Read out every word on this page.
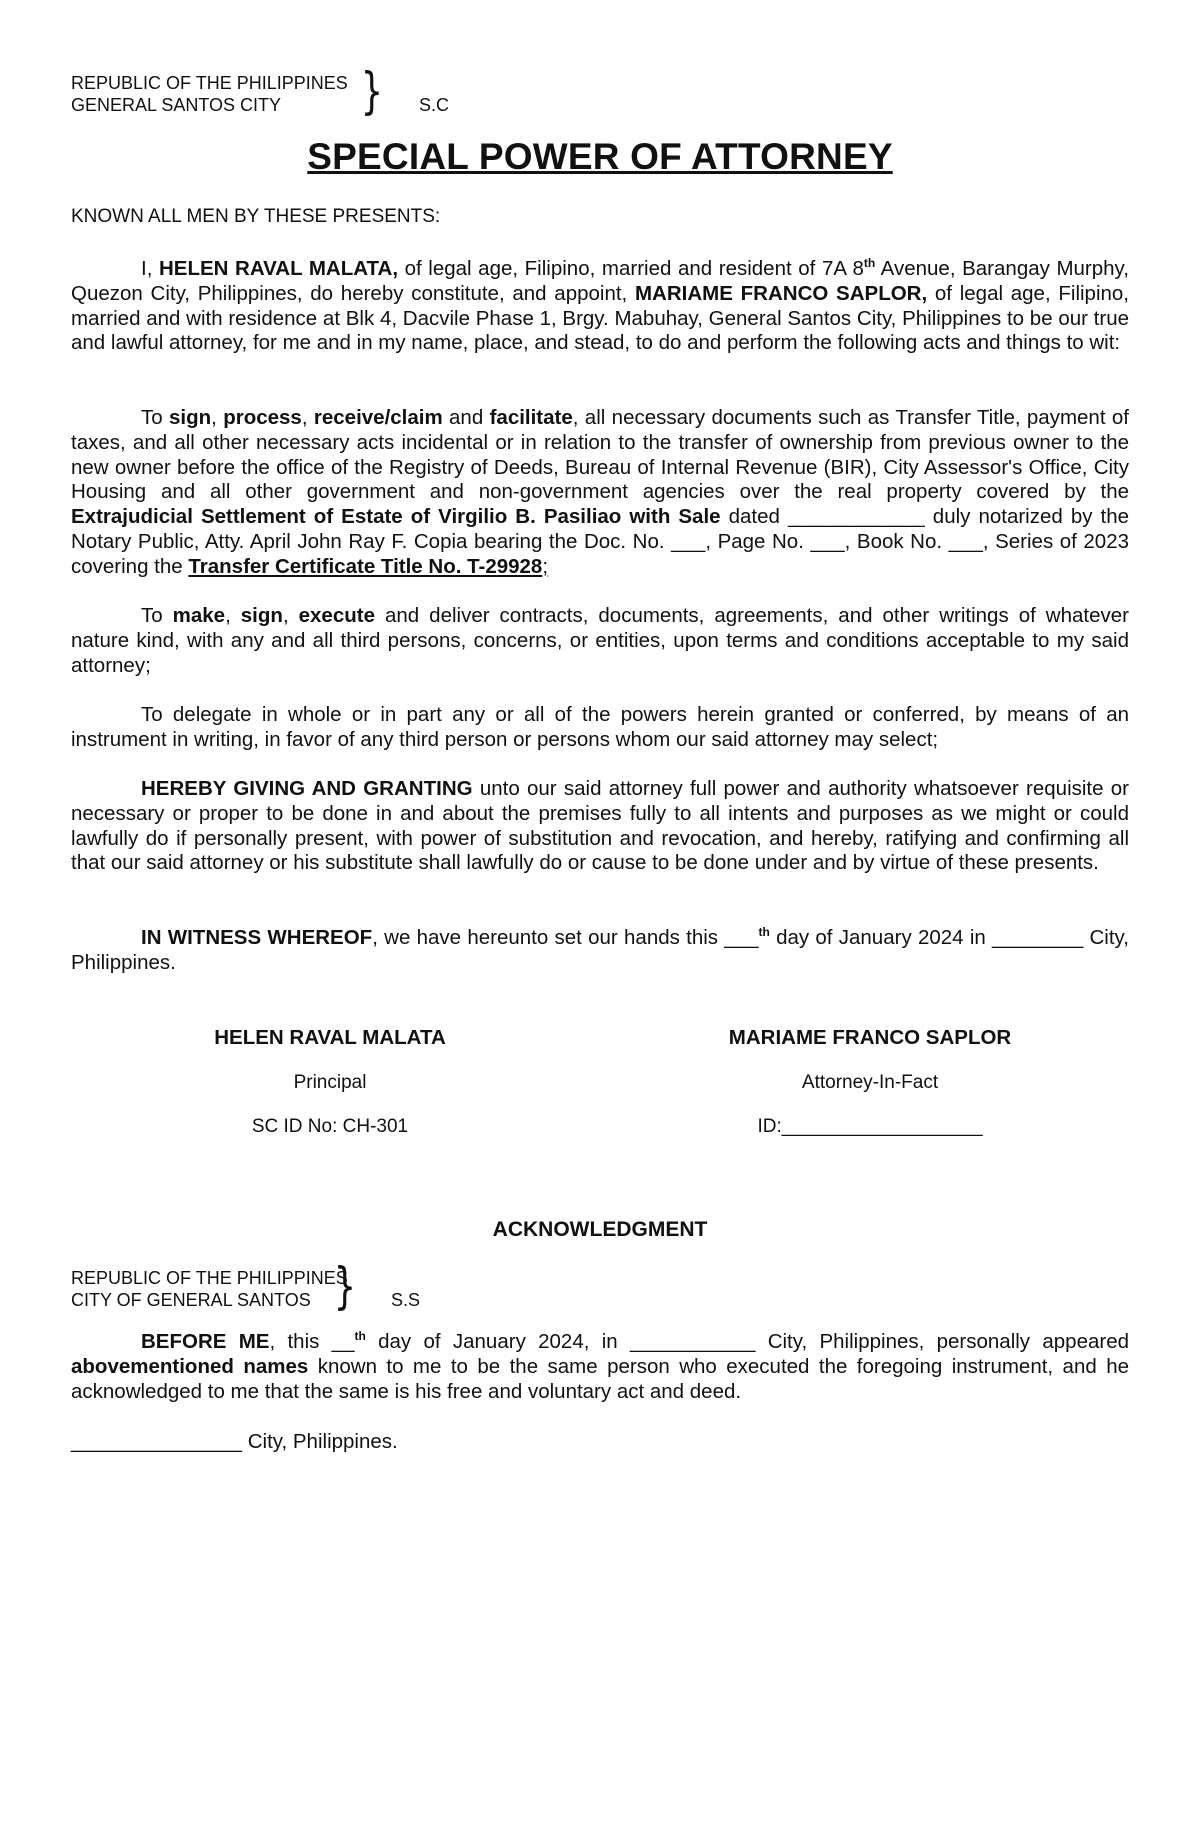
REPUBLIC OF THE PHILIPPINES
GENERAL SANTOS CITY	} S.C
SPECIAL POWER OF ATTORNEY
KNOWN ALL MEN BY THESE PRESENTS:
I, HELEN RAVAL MALATA, of legal age, Filipino, married and resident of 7A 8th Avenue, Barangay Murphy, Quezon City, Philippines, do hereby constitute, and appoint, MARIAME FRANCO SAPLOR, of legal age, Filipino, married and with residence at Blk 4, Dacvile Phase 1, Brgy. Mabuhay, General Santos City, Philippines to be our true and lawful attorney, for me and in my name, place, and stead, to do and perform the following acts and things to wit:
To sign, process, receive/claim and facilitate, all necessary documents such as Transfer Title, payment of taxes, and all other necessary acts incidental or in relation to the transfer of ownership from previous owner to the new owner before the office of the Registry of Deeds, Bureau of Internal Revenue (BIR), City Assessor's Office, City Housing and all other government and non-government agencies over the real property covered by the Extrajudicial Settlement of Estate of Virgilio B. Pasiliao with Sale dated ____________ duly notarized by the Notary Public, Atty. April John Ray F. Copia bearing the Doc. No. ___, Page No. ___, Book No. ___, Series of 2023 covering the Transfer Certificate Title No. T-29928;
To make, sign, execute and deliver contracts, documents, agreements, and other writings of whatever nature kind, with any and all third persons, concerns, or entities, upon terms and conditions acceptable to my said attorney;
To delegate in whole or in part any or all of the powers herein granted or conferred, by means of an instrument in writing, in favor of any third person or persons whom our said attorney may select;
HEREBY GIVING AND GRANTING unto our said attorney full power and authority whatsoever requisite or necessary or proper to be done in and about the premises fully to all intents and purposes as we might or could lawfully do if personally present, with power of substitution and revocation, and hereby, ratifying and confirming all that our said attorney or his substitute shall lawfully do or cause to be done under and by virtue of these presents.
IN WITNESS WHEREOF, we have hereunto set our hands this ___$^{th}$ day of January 2024 in ________ City, Philippines.
HELEN RAVAL MALATA
Principal
SC ID No: CH-301
MARIAME FRANCO SAPLOR
Attorney-In-Fact
ID:___________________
ACKNOWLEDGMENT
REPUBLIC OF THE PHILIPPINES
CITY OF GENERAL SANTOS } S.S
BEFORE ME, this __$^{th}$ day of January 2024, in ___________ City, Philippines, personally appeared abovementioned names known to me to be the same person who executed the foregoing instrument, and he acknowledged to me that the same is his free and voluntary act and deed.
_______________ City, Philippines.
